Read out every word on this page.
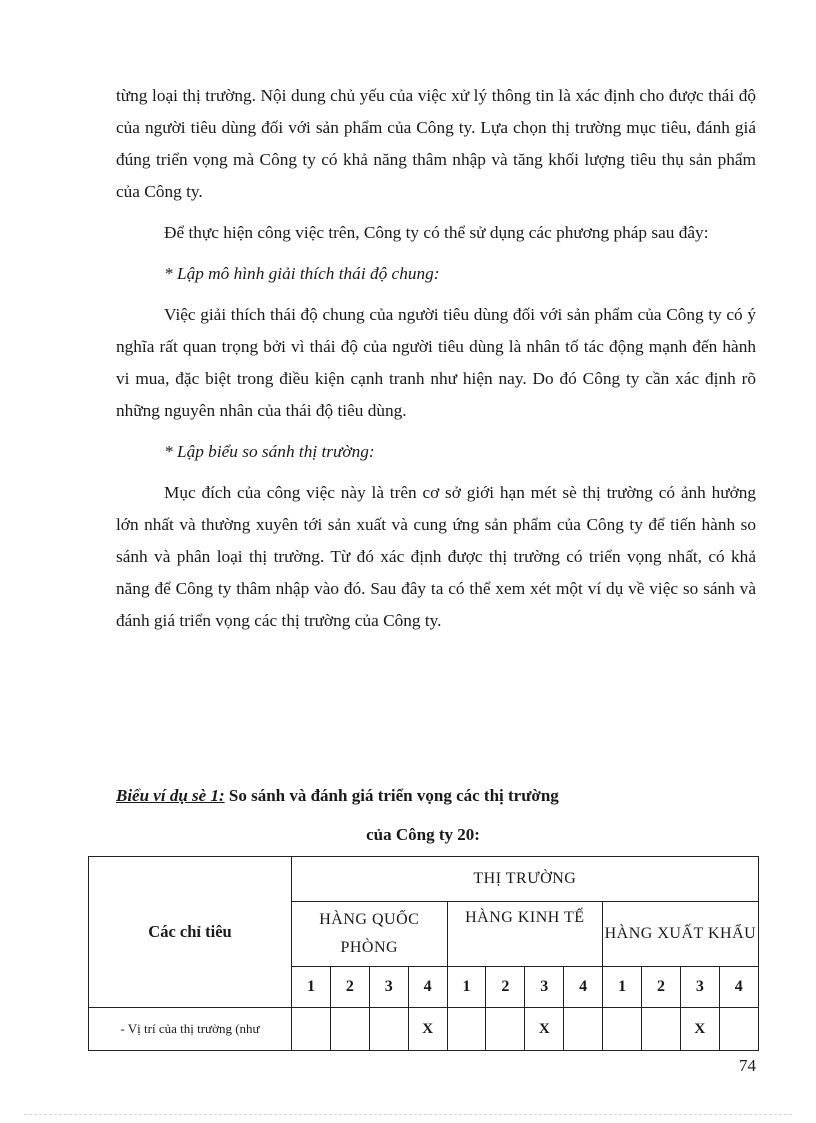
từng loại thị trường. Nội dung chủ yếu của việc xử lý thông tin là xác định cho được thái độ của người tiêu dùng đối với sản phẩm của Công ty. Lựa chọn thị trường mục tiêu, đánh giá đúng triển vọng mà Công ty có khả năng thâm nhập và tăng khối lượng tiêu thụ sản phẩm của Công ty.

Để thực hiện công việc trên, Công ty có thể sử dụng các phương pháp sau đây:

* Lập mô hình giải thích thái độ chung:

Việc giải thích thái độ chung của người tiêu dùng đối với sản phẩm của Công ty có ý nghĩa rất quan trọng bởi vì thái độ của người tiêu dùng là nhân tố tác động mạnh đến hành vi mua, đặc biệt trong điều kiện cạnh tranh như hiện nay. Do đó Công ty cần xác định rõ những nguyên nhân của thái độ tiêu dùng.

* Lập biểu so sánh thị trường:

Mục đích của công việc này là trên cơ sở giới hạn mét sè thị trường có ảnh hưởng lớn nhất và thường xuyên tới sản xuất và cung ứng sản phẩm của Công ty để tiến hành so sánh và phân loại thị trường. Từ đó xác định được thị trường có triển vọng nhất, có khả năng để Công ty thâm nhập vào đó. Sau đây ta có thể xem xét một ví dụ về việc so sánh và đánh giá triển vọng các thị trường của Công ty.

Biểu ví dụ sè 1: So sánh và đánh giá triển vọng các thị trường
của Công ty 20:
Các chỉ tiêu	THỊ TRƯỜNG											
	HÀNG QUỐC PHÒNG				HÀNG KINH TẾ				HÀNG XUẤT KHẨU			
	1	2	3	4	1	2	3	4	1	2	3	4
- Vị trí của thị trường (như				X			X				X	
74
